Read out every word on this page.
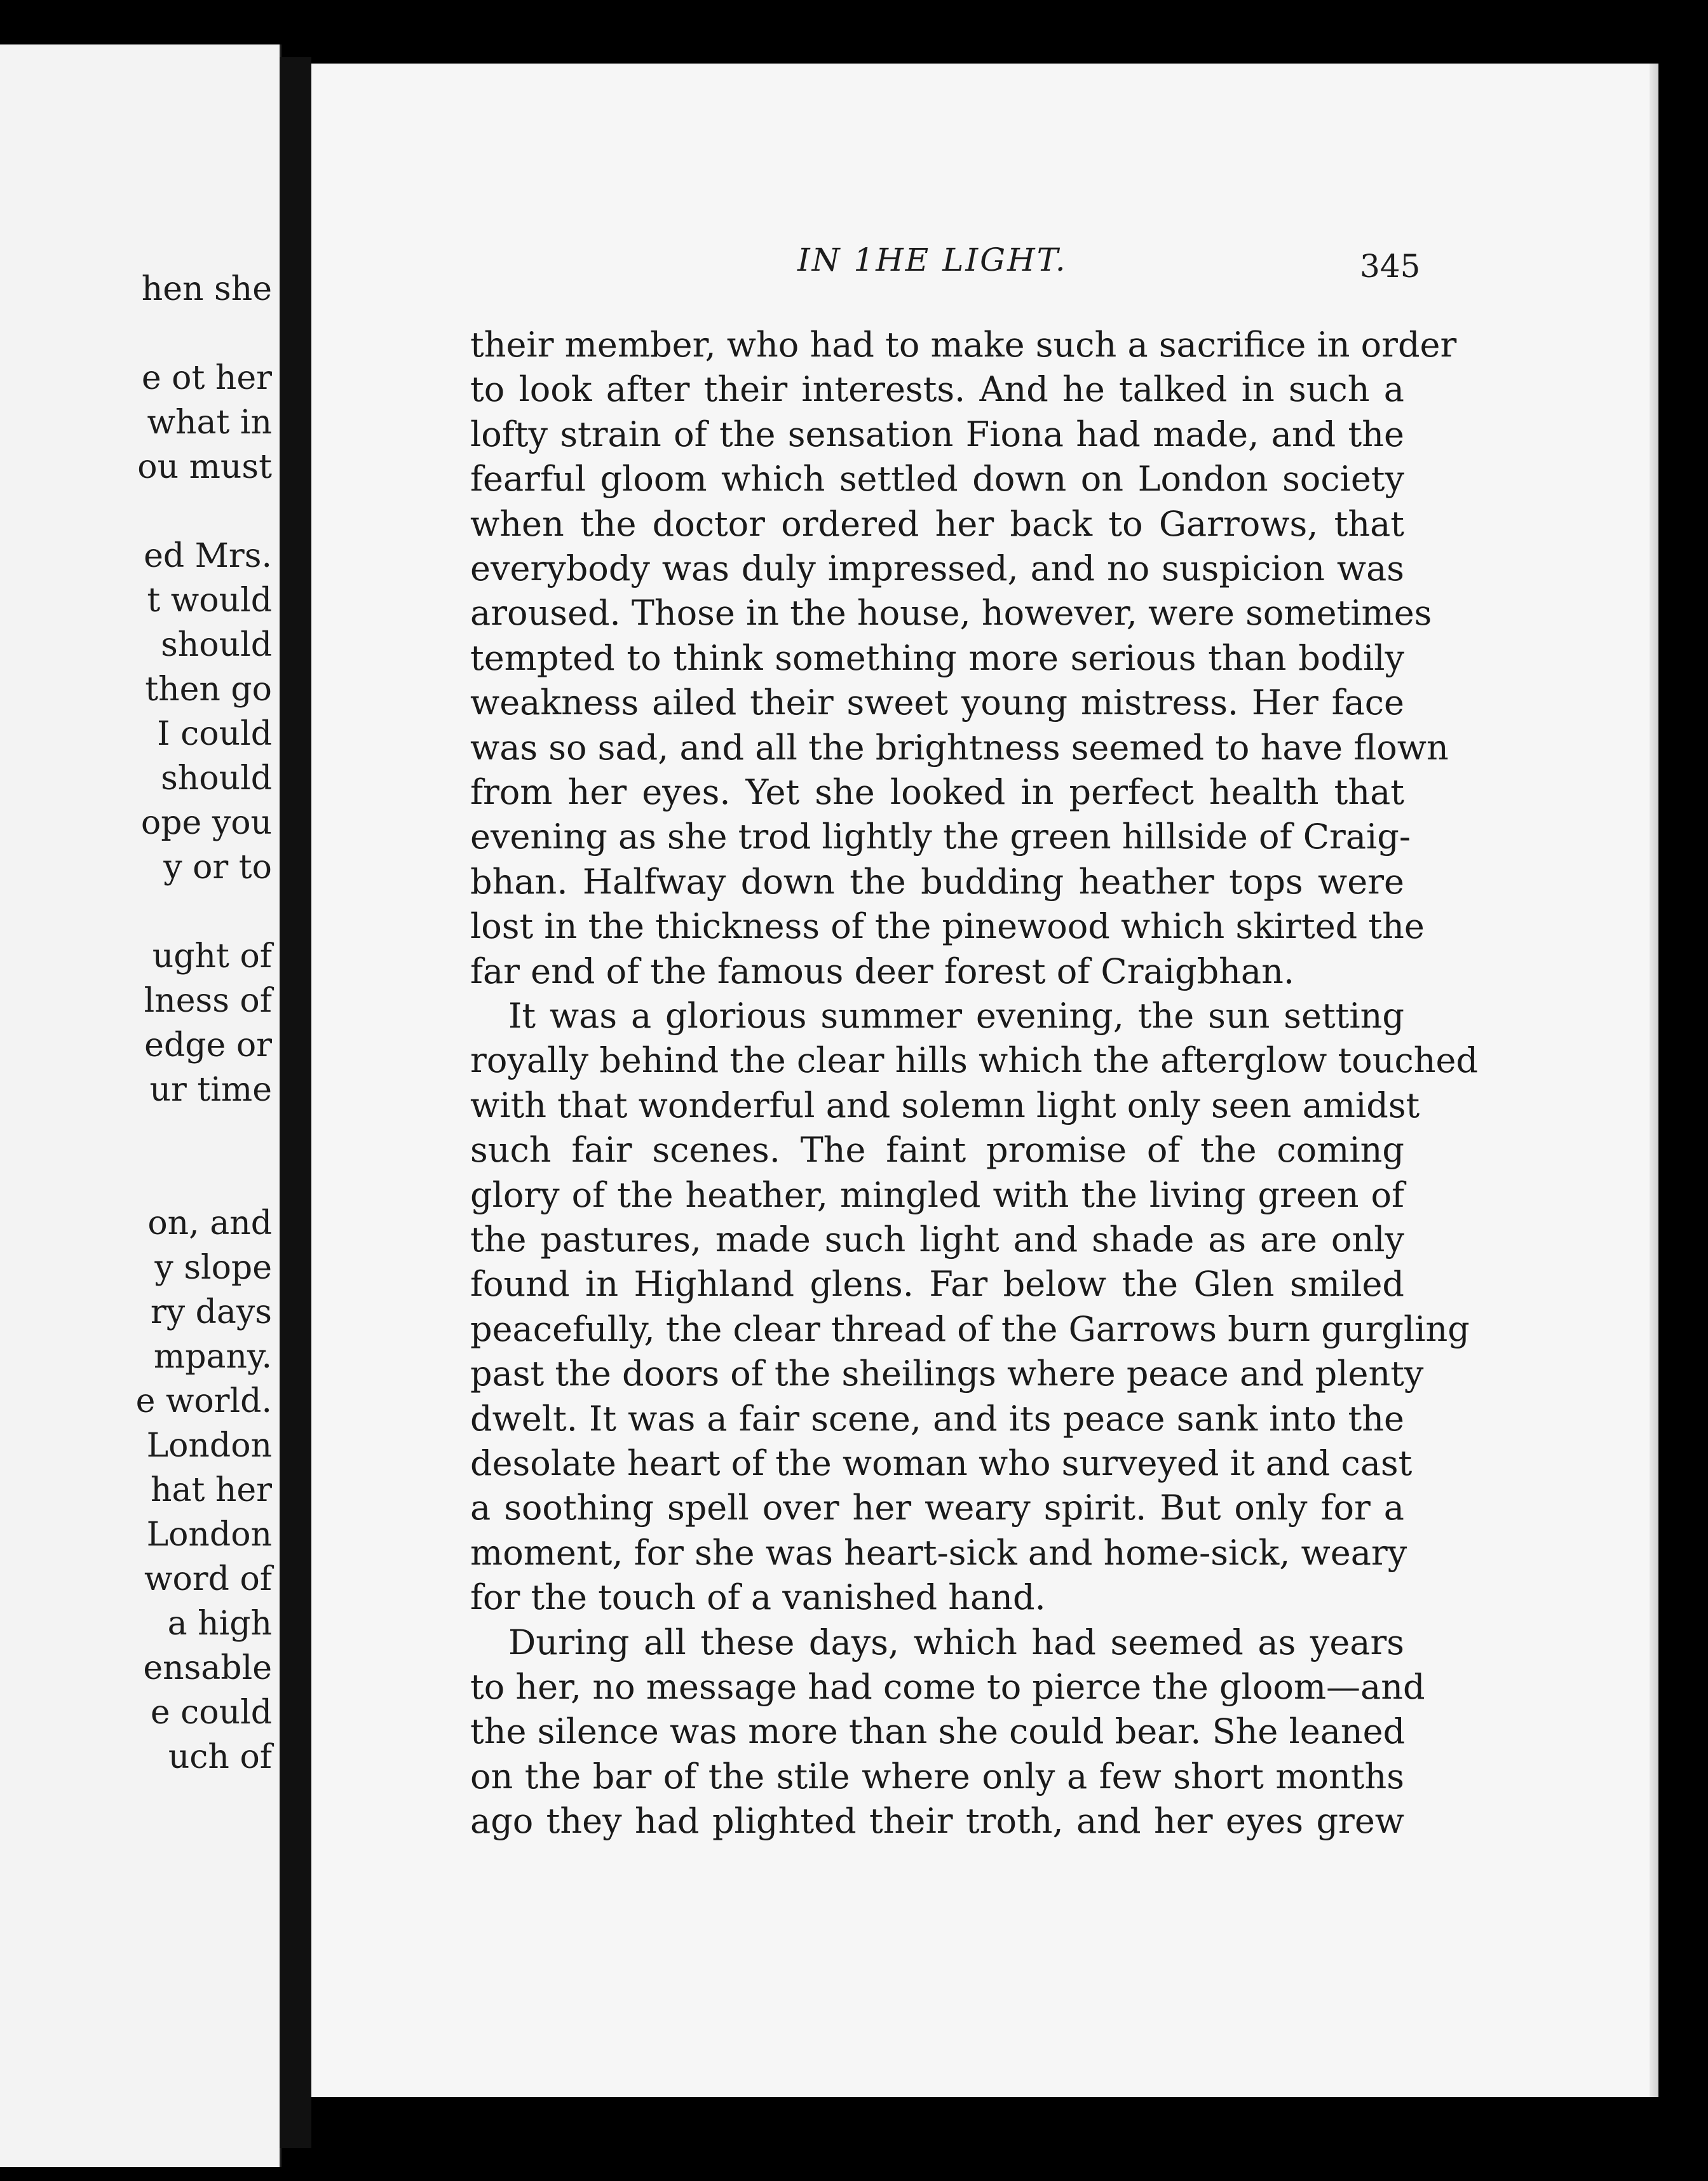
hen she
e ot her
what in
ou must
ed Mrs.
t would
should
then go
I could
should
ope you
y or to
ught of
lness of
edge or
ur time
on, and
y slope
ry days
mpany.
e world.
London
hat her
London
word of
a high
ensable
e could
uch of
IN 1HE LIGHT.	345
their member, who had to make such a sacrifice in order
to look after their interests. And he talked in such a
lofty strain of the sensation Fiona had made, and the
fearful gloom which settled down on London society
when the doctor ordered her back to Garrows, that
everybody was duly impressed, and no suspicion was
aroused. Those in the house, however, were sometimes
tempted to think something more serious than bodily
weakness ailed their sweet young mistress. Her face
was so sad, and all the brightness seemed to have flown
from her eyes. Yet she looked in perfect health that
evening as she trod lightly the green hillside of Craig-
bhan. Halfway down the budding heather tops were
lost in the thickness of the pinewood which skirted the
far end of the famous deer forest of Craigbhan.
It was a glorious summer evening, the sun setting
royally behind the clear hills which the afterglow touched
with that wonderful and solemn light only seen amidst
such fair scenes. The faint promise of the coming
glory of the heather, mingled with the living green of
the pastures, made such light and shade as are only
found in Highland glens. Far below the Glen smiled
peacefully, the clear thread of the Garrows burn gurgling
past the doors of the sheilings where peace and plenty
dwelt. It was a fair scene, and its peace sank into the
desolate heart of the woman who surveyed it and cast
a soothing spell over her weary spirit. But only for a
moment, for she was heart-sick and home-sick, weary
for the touch of a vanished hand.
During all these days, which had seemed as years
to her, no message had come to pierce the gloom—and
the silence was more than she could bear. She leaned
on the bar of the stile where only a few short months
ago they had plighted their troth, and her eyes grew
